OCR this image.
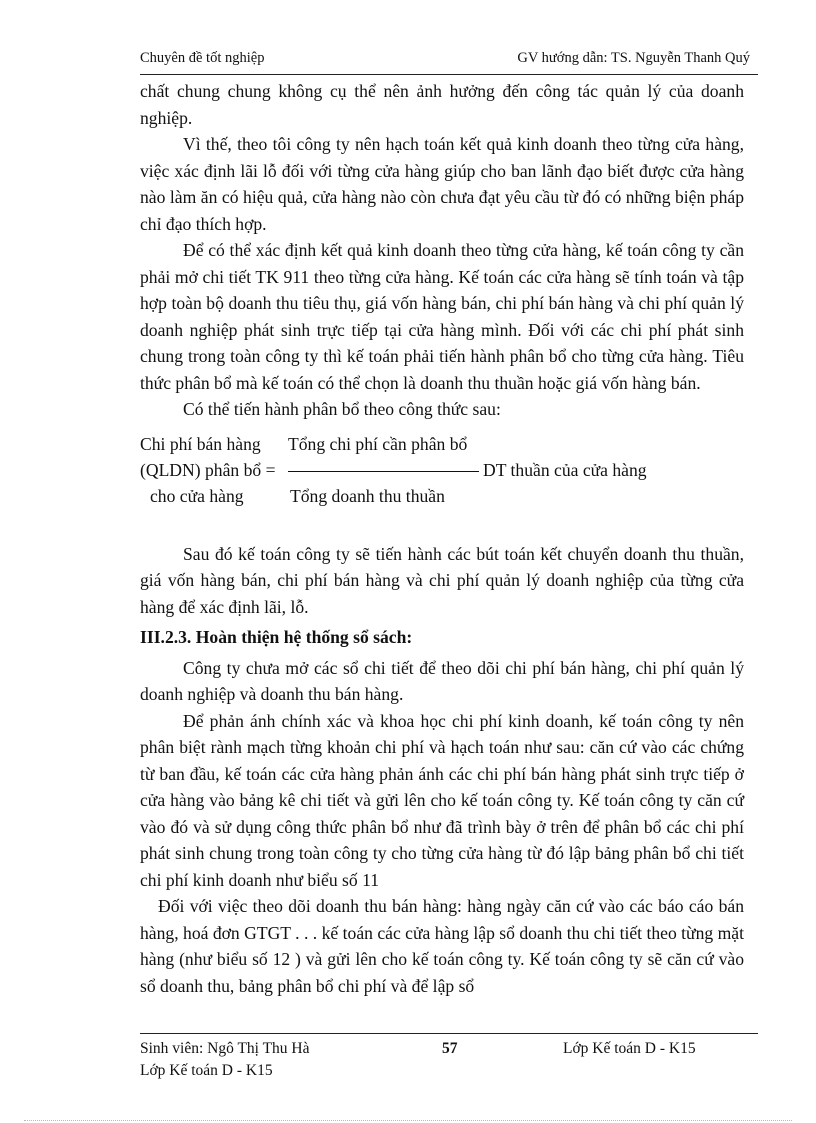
Chuyên đề tốt nghiệp	GV hướng dẫn: TS. Nguyễn Thanh Quý

chất chung chung không cụ thể nên ảnh hưởng đến công tác quản lý của doanh nghiệp.

Vì thế, theo tôi công ty nên hạch toán kết quả kinh doanh theo từng cửa hàng, việc xác định lãi lỗ đối với từng cửa hàng giúp cho ban lãnh đạo biết được cửa hàng nào làm ăn có hiệu quả, cửa hàng nào còn chưa đạt yêu cầu từ đó có những biện pháp chỉ đạo thích hợp.

Để có thể xác định kết quả kinh doanh theo từng cửa hàng, kế toán công ty cần phải mở chi tiết TK 911 theo từng cửa hàng. Kế toán các cửa hàng sẽ tính toán và tập hợp toàn bộ doanh thu tiêu thụ, giá vốn hàng bán, chi phí bán hàng và chi phí quản lý doanh nghiệp phát sinh trực tiếp tại cửa hàng mình. Đối với các chi phí phát sinh chung trong toàn công ty thì kế toán phải tiến hành phân bổ cho từng cửa hàng. Tiêu thức phân bổ mà kế toán có thể chọn là doanh thu thuần hoặc giá vốn hàng bán.

Có thể tiến hành phân bổ theo công thức sau:

Chi phí bán hàng Tổng chi phí cần phân bổ
(QLDN) phân bổ =	DT thuần của cửa hàng
cho cửa hàng	Tổng doanh thu thuần

Sau đó kế toán công ty sẽ tiến hành các bút toán kết chuyển doanh thu thuần, giá vốn hàng bán, chi phí bán hàng và chi phí quản lý doanh nghiệp của từng cửa hàng để xác định lãi, lỗ.

III.2.3. Hoàn thiện hệ thống sổ sách:

Công ty chưa mở các sổ chi tiết để theo dõi chi phí bán hàng, chi phí quản lý doanh nghiệp và doanh thu bán hàng.

Để phản ánh chính xác và khoa học chi phí kinh doanh, kế toán công ty nên phân biệt rành mạch từng khoản chi phí và hạch toán như sau: căn cứ vào các chứng từ ban đầu, kế toán các cửa hàng phản ánh các chi phí bán hàng phát sinh trực tiếp ở cửa hàng vào bảng kê chi tiết và gửi lên cho kế toán công ty. Kế toán công ty căn cứ vào đó và sử dụng công thức phân bổ như đã trình bày ở trên để phân bổ các chi phí phát sinh chung trong toàn công ty cho từng cửa hàng từ đó lập bảng phân bổ chi tiết chi phí kinh doanh như biểu số 11

Đối với việc theo dõi doanh thu bán hàng: hàng ngày căn cứ vào các báo cáo bán hàng, hoá đơn GTGT . . . kế toán các cửa hàng lập sổ doanh thu chi tiết theo từng mặt hàng (như biểu số 12 ) và gửi lên cho kế toán công ty. Kế toán công ty sẽ căn cứ vào sổ doanh thu, bảng phân bổ chi phí và để lập sổ

Sinh viên: Ngô Thị Thu Hà	57	Lớp Kế toán D - K15
Lớp Kế toán D - K15
